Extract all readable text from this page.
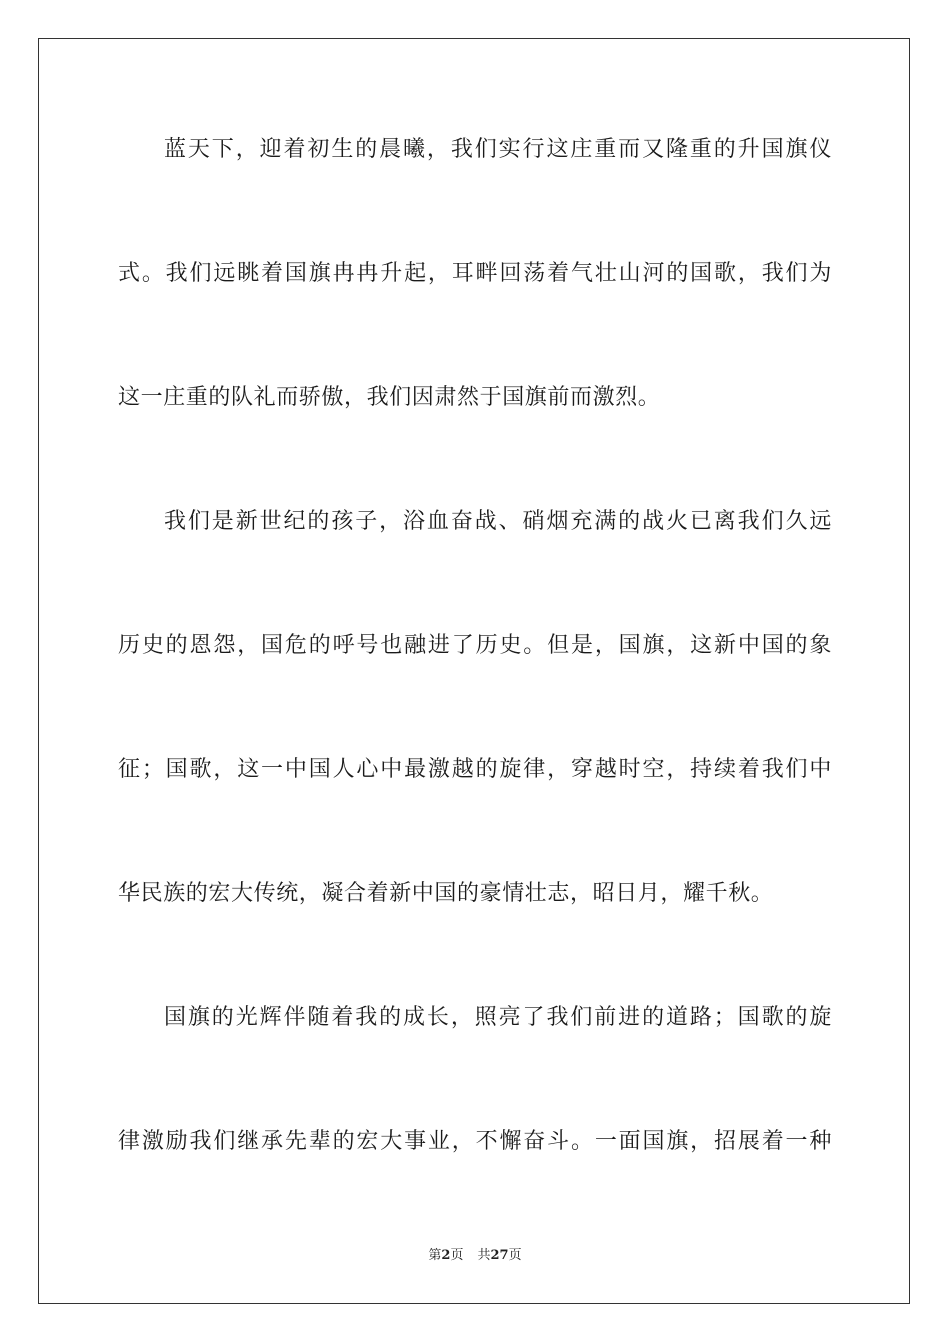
蓝天下，迎着初生的晨曦，我们实行这庄重而又隆重的升国旗仪
式。我们远眺着国旗冉冉升起，耳畔回荡着气壮山河的国歌，我们为
这一庄重的队礼而骄傲，我们因肃然于国旗前而激烈。
我们是新世纪的孩子，浴血奋战、硝烟充满的战火已离我们久远
历史的恩怨，国危的呼号也融进了历史。但是，国旗，这新中国的象
征；国歌，这一中国人心中最激越的旋律，穿越时空，持续着我们中
华民族的宏大传统，凝合着新中国的豪情壮志，昭日月，耀千秋。
国旗的光辉伴随着我的成长，照亮了我们前进的道路；国歌的旋
律激励我们继承先辈的宏大事业，不懈奋斗。一面国旗，招展着一种
第2页 共27页
